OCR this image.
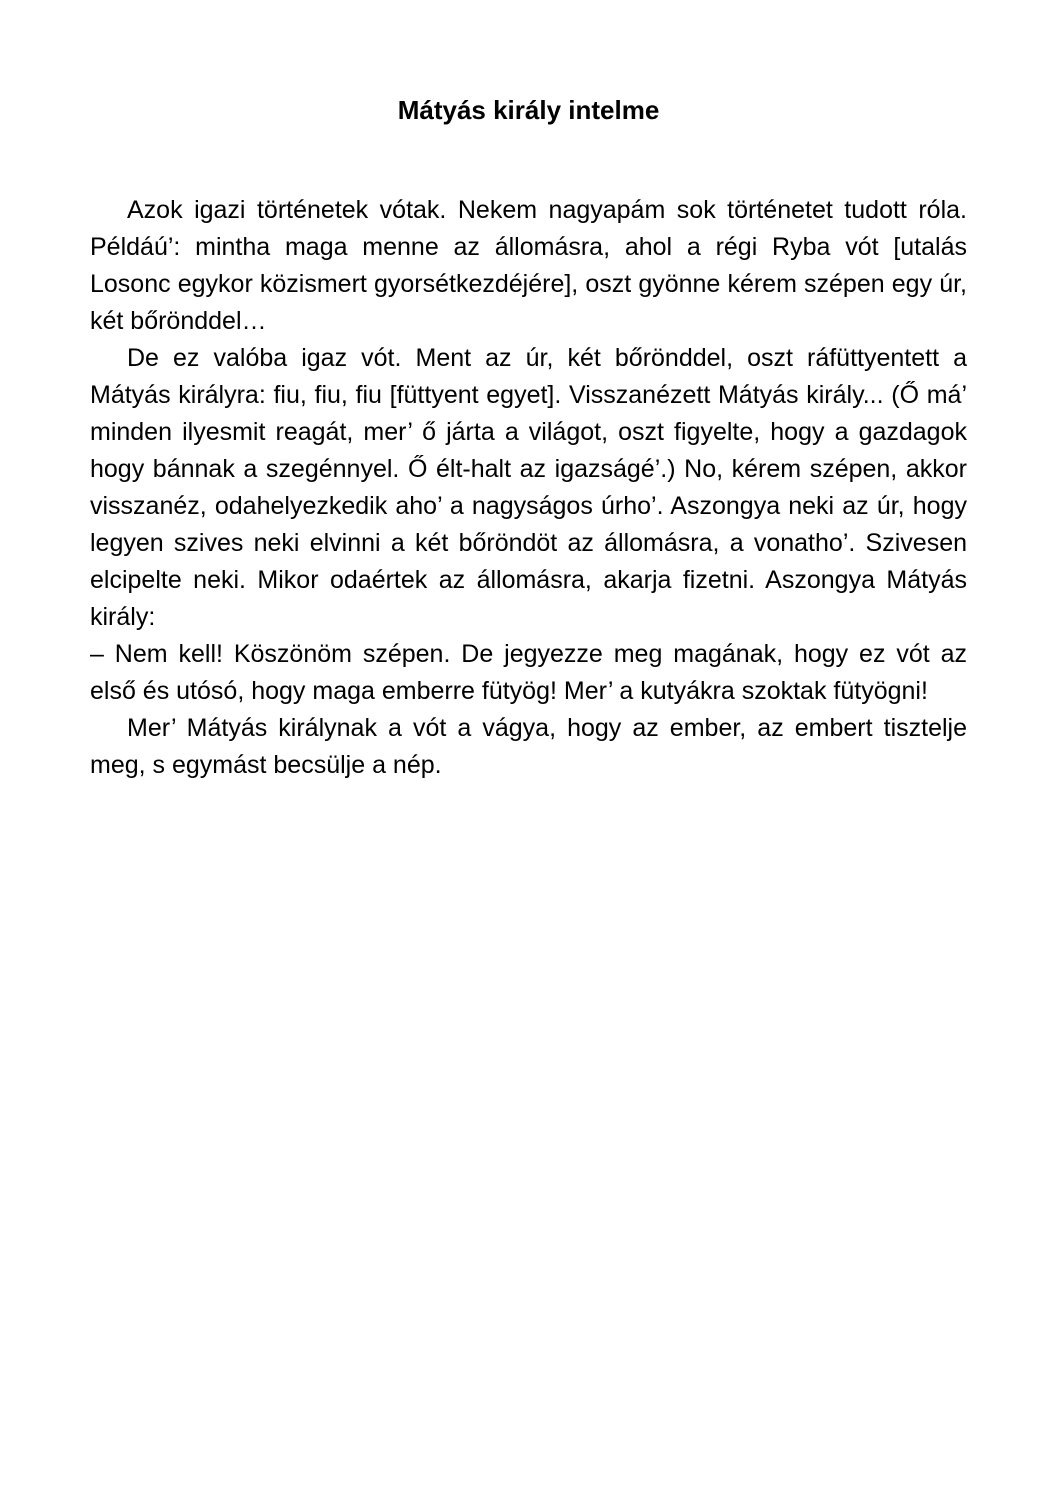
Mátyás király intelme

Azok igazi történetek vótak. Nekem nagyapám sok történetet tudott róla. Példáú’: mintha maga menne az állomásra, ahol a régi Ryba vót [utalás Losonc egykor közismert gyorsétkezdéjére], oszt gyönne kérem szépen egy úr, két bőrönddel…

De ez valóba igaz vót. Ment az úr, két bőrönddel, oszt ráfüttyentett a Mátyás királyra: fiu, fiu, fiu [füttyent egyet]. Visszanézett Mátyás király... (Ő má’ minden ilyesmit reagát, mer’ ő járta a világot, oszt figyelte, hogy a gazdagok hogy bánnak a szegénnyel. Ő élt-halt az igazságé’.) No, kérem szépen, akkor visszanéz, odahelyezkedik aho’ a nagyságos úrho’. Aszongya neki az úr, hogy legyen szives neki elvinni a két bőröndöt az állomásra, a vonatho’. Szivesen elcipelte neki. Mikor odaértek az állomásra, akarja fizetni. Aszongya Mátyás király:

– Nem kell! Köszönöm szépen. De jegyezze meg magának, hogy ez vót az első és utósó, hogy maga emberre fütyög! Mer’ a kutyákra szoktak fütyögni!

Mer’ Mátyás királynak a vót a vágya, hogy az ember, az embert tisztelje meg, s egymást becsülje a nép.
